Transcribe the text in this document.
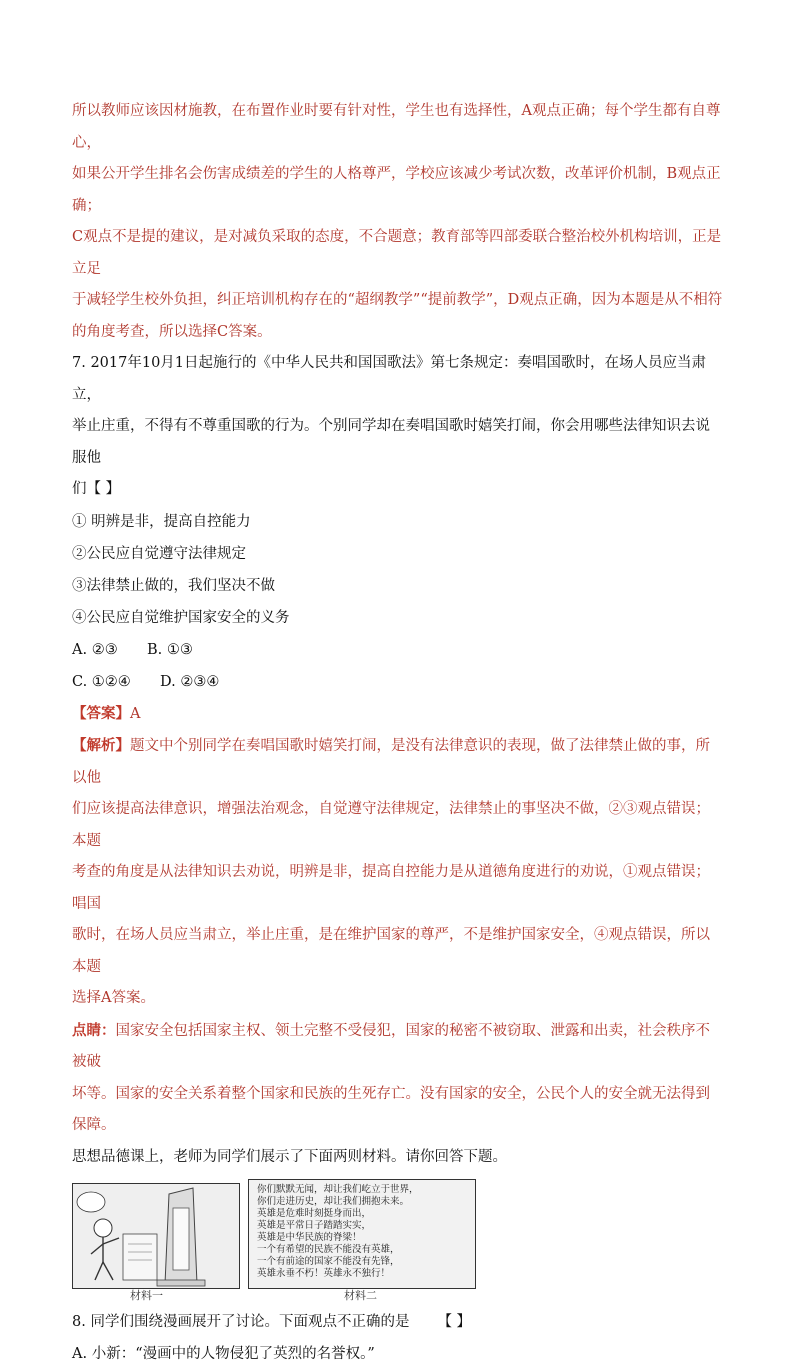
所以教师应该因材施教，在布置作业时要有针对性，学生也有选择性，A观点正确；每个学生都有自尊心，

如果公开学生排名会伤害成绩差的学生的人格尊严，学校应该减少考试次数，改革评价机制，B观点正确；

C观点不是提的建议，是对减负采取的态度，不合题意；教育部等四部委联合整治校外机构培训，正是立足

于减轻学生校外负担，纠正培训机构存在的“超纲教学”“提前教学”，D观点正确，因为本题是从不相符

的角度考查，所以选择C答案。

7. 2017年10月1日起施行的《中华人民共和国国歌法》第七条规定：奏唱国歌时，在场人员应当肃立，

举止庄重，不得有不尊重国歌的行为。个别同学却在奏唱国歌时嬉笑打闹，你会用哪些法律知识去说服他

们【 】

① 明辨是非，提高自控能力

②公民应自觉遵守法律规定

③法律禁止做的，我们坚决不做

④公民应自觉维护国家安全的义务

A. ②③ B. ①③

C. ①②④ D. ②③④

【答案】A

【解析】题文中个别同学在奏唱国歌时嬉笑打闹，是没有法律意识的表现，做了法律禁止做的事，所以他

们应该提高法律意识，增强法治观念，自觉遵守法律规定，法律禁止的事坚决不做，②③观点错误；本题

考查的角度是从法律知识去劝说，明辨是非，提高自控能力是从道德角度进行的劝说，①观点错误；唱国

歌时，在场人员应当肃立，举止庄重，是在维护国家的尊严，不是维护国家安全，④观点错误，所以本题

选择A答案。

点睛：国家安全包括国家主权、领土完整不受侵犯，国家的秘密不被窃取、泄露和出卖，社会秩序不被破

坏等。国家的安全关系着整个国家和民族的生死存亡。没有国家的安全，公民个人的安全就无法得到保障。

思想品德课上，老师为同学们展示了下面两则材料。请你回答下题。

你们默默无闻，却让我们屹立于世界，
你们走进历史，却让我们拥抱未来。
英雄是危难时刻挺身而出，
英雄是平常日子踏踏实实，
英雄是中华民族的脊梁！
一个有希望的民族不能没有英雄，
一个有前途的国家不能没有先锋，
英雄永垂不朽！英雄永不独行！
材料一	材料二

8. 同学们围绕漫画展开了讨论。下面观点不正确的是 【 】

A. 小新：“漫画中的人物侵犯了英烈的名誉权。”
